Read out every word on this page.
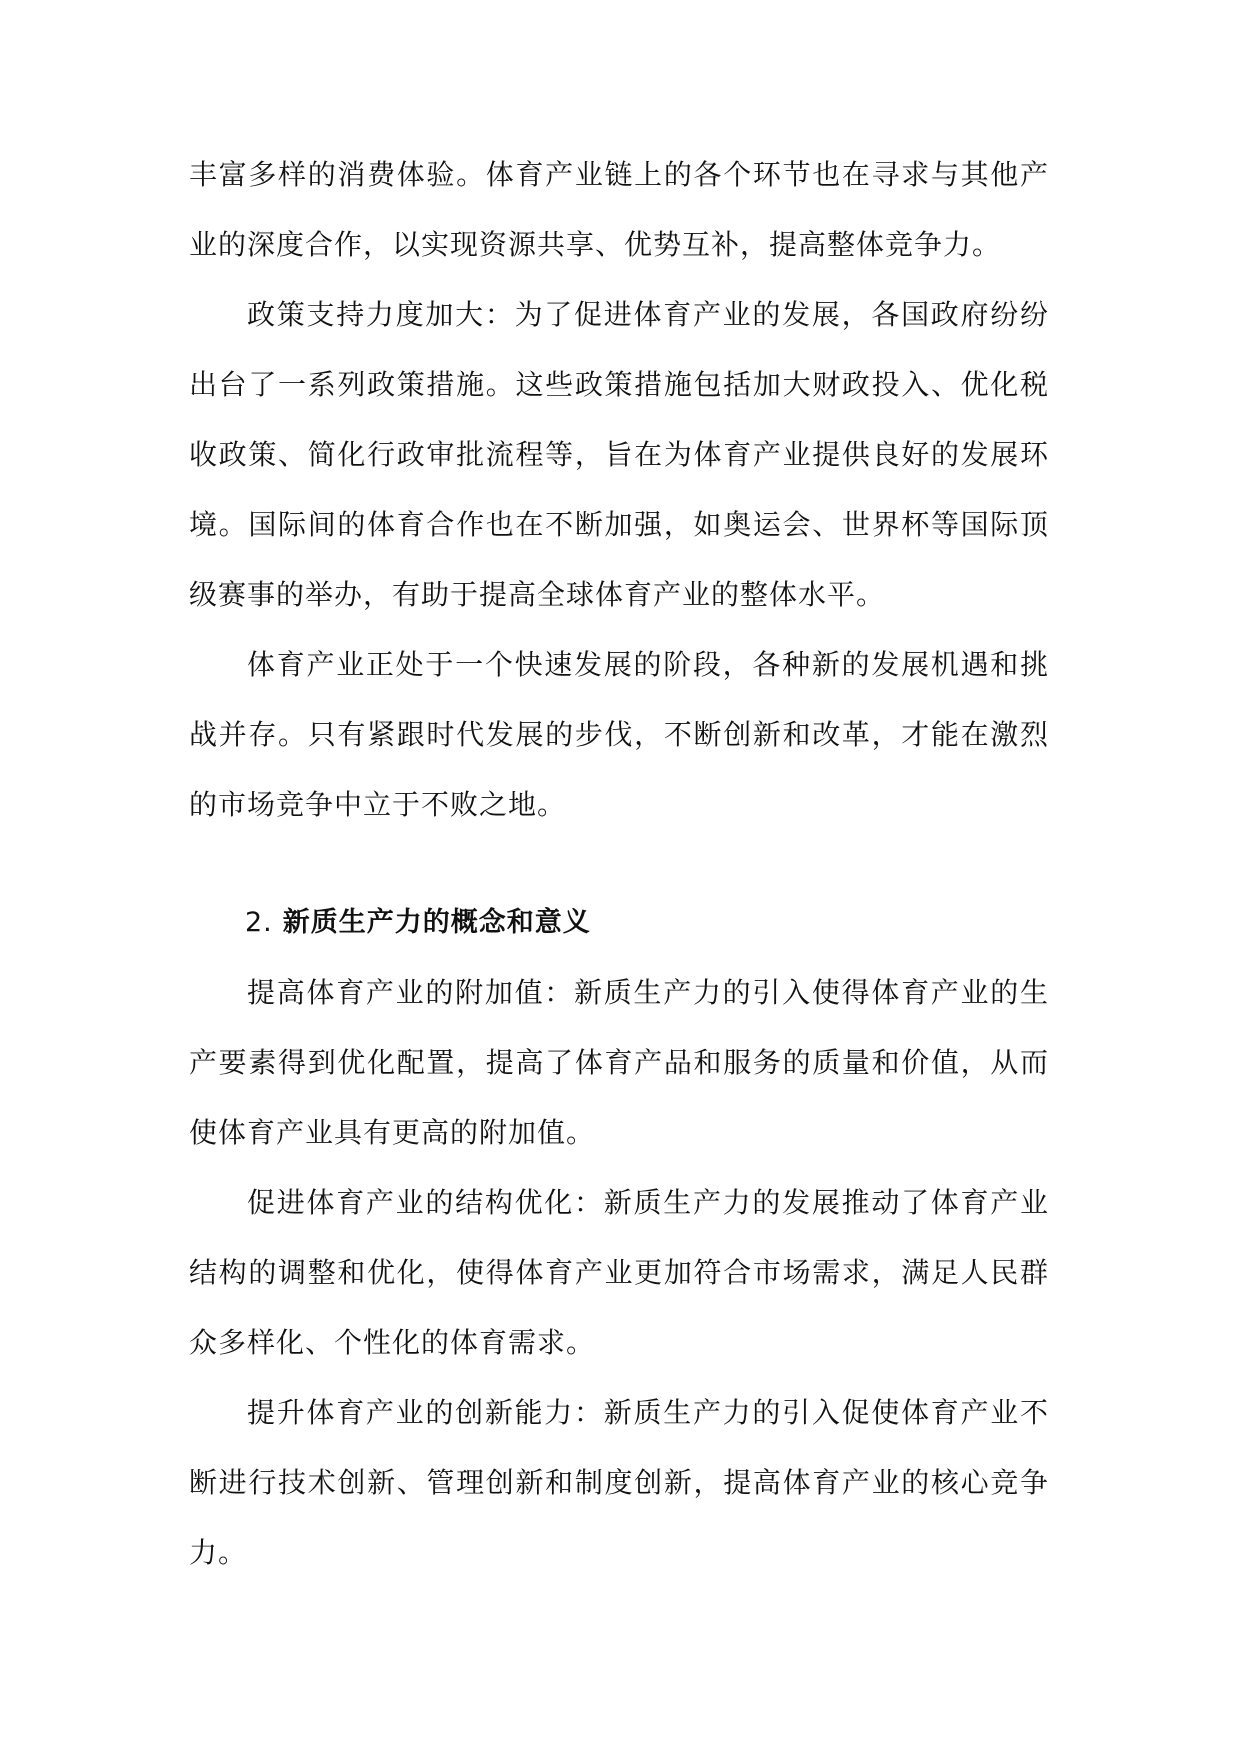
丰富多样的消费体验。体育产业链上的各个环节也在寻求与其他产业的深度合作，以实现资源共享、优势互补，提高整体竞争力。

政策支持力度加大：为了促进体育产业的发展，各国政府纷纷出台了一系列政策措施。这些政策措施包括加大财政投入、优化税收政策、简化行政审批流程等，旨在为体育产业提供良好的发展环境。国际间的体育合作也在不断加强，如奥运会、世界杯等国际顶级赛事的举办，有助于提高全球体育产业的整体水平。

体育产业正处于一个快速发展的阶段，各种新的发展机遇和挑战并存。只有紧跟时代发展的步伐，不断创新和改革，才能在激烈的市场竞争中立于不败之地。

2. 新质生产力的概念和意义

提高体育产业的附加值：新质生产力的引入使得体育产业的生产要素得到优化配置，提高了体育产品和服务的质量和价值，从而使体育产业具有更高的附加值。

促进体育产业的结构优化：新质生产力的发展推动了体育产业结构的调整和优化，使得体育产业更加符合市场需求，满足人民群众多样化、个性化的体育需求。

提升体育产业的创新能力：新质生产力的引入促使体育产业不断进行技术创新、管理创新和制度创新，提高体育产业的核心竞争力。
